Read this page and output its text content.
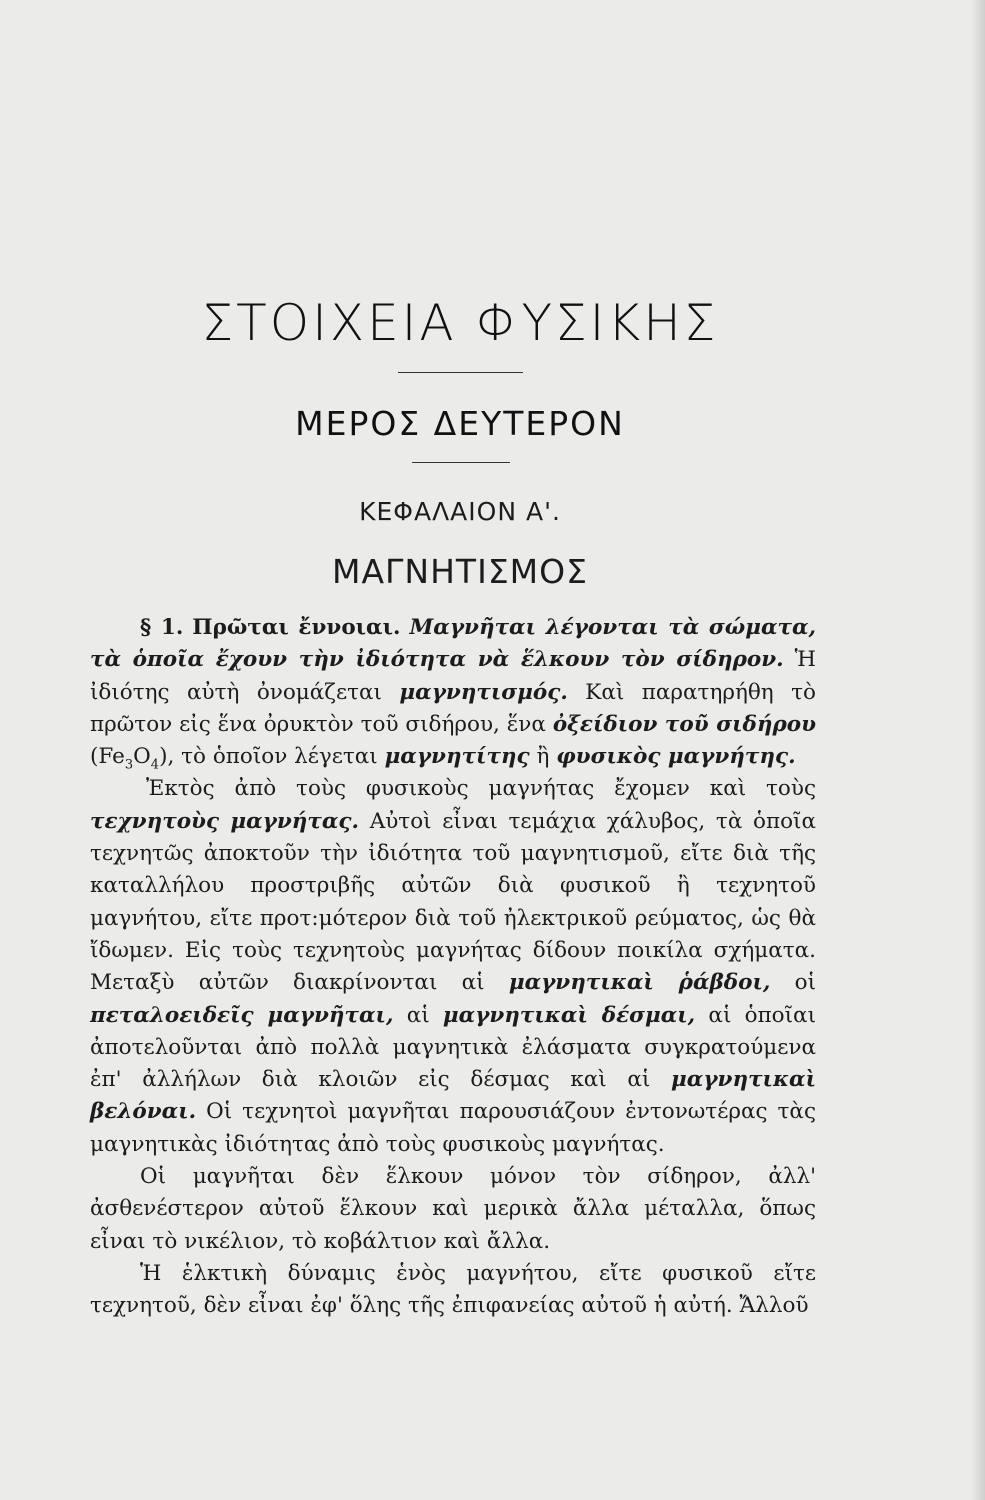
ΣΤΟΙΧΕΙΑ ΦΥΣΙΚΗΣ
ΜΕΡΟΣ ΔΕΥΤΕΡΟΝ
ΚΕΦΑΛΑΙΟΝ Α'.
ΜΑΓΝΗΤΙΣΜΟΣ

§ 1. Πρῶται ἔννοιαι. Μαγνῆται λέγονται τὰ σώματα, τὰ ὁποῖα ἔχουν τὴν ἰδιότητα νὰ ἕλκουν τὸν σίδηρον. Ἡ ἰδιότης αὐτὴ ὀνομάζεται μαγνητισμός. Καὶ παρατηρήθη τὸ πρῶτον εἰς ἕνα ὀρυκτὸν τοῦ σιδήρου, ἕνα ὀξείδιον τοῦ σιδήρου $(Fe_3O_4)$, τὸ ὁποῖον λέγεται μαγνητίτης ἢ φυσικὸς μαγνήτης.

Ἐκτὸς ἀπὸ τοὺς φυσικοὺς μαγνήτας ἔχομεν καὶ τοὺς τεχνητοὺς μαγνήτας. Αὐτοὶ εἶναι τεμάχια χάλυβος, τὰ ὁποῖα τεχνητῶς ἀποκτοῦν τὴν ἰδιότητα τοῦ μαγνητισμοῦ, εἴτε διὰ τῆς καταλλήλου προστριβῆς αὐτῶν διὰ φυσικοῦ ἢ τεχνητοῦ μαγνήτου, εἴτε προτ:μότερον διὰ τοῦ ἠλεκτρικοῦ ρεύματος, ὡς θὰ ἴδωμεν. Εἰς τοὺς τεχνητοὺς μαγνήτας δίδουν ποικίλα σχήματα. Μεταξὺ αὐτῶν διακρίνονται αἱ μαγνητικαὶ ῥάβδοι, οἱ πεταλοειδεῖς μαγνῆται, αἱ μαγνητικαὶ δέσμαι, αἱ ὁποῖαι ἀποτελοῦνται ἀπὸ πολλὰ μαγνητικὰ ἐλάσματα συγκρατούμενα ἐπ' ἀλλήλων διὰ κλοιῶν εἰς δέσμας καὶ αἱ μαγνητικαὶ βελόναι. Οἱ τεχνητοὶ μαγνῆται παρουσιάζουν ἐντονωτέρας τὰς μαγνητικὰς ἰδιότητας ἀπὸ τοὺς φυσικοὺς μαγνήτας.

Οἱ μαγνῆται δὲν ἕλκουν μόνον τὸν σίδηρον, ἀλλ' ἀσθενέστερον αὐτοῦ ἕλκουν καὶ μερικὰ ἄλλα μέταλλα, ὅπως εἶναι τὸ νικέλιον, τὸ κοβάλτιον καὶ ἄλλα.

Ἡ ἑλκτικὴ δύναμις ἑνὸς μαγνήτου, εἴτε φυσικοῦ εἴτε τεχνητοῦ, δὲν εἶναι ἐφ' ὅλης τῆς ἐπιφανείας αὐτοῦ ἡ αὐτή. Ἄλλοῦ
